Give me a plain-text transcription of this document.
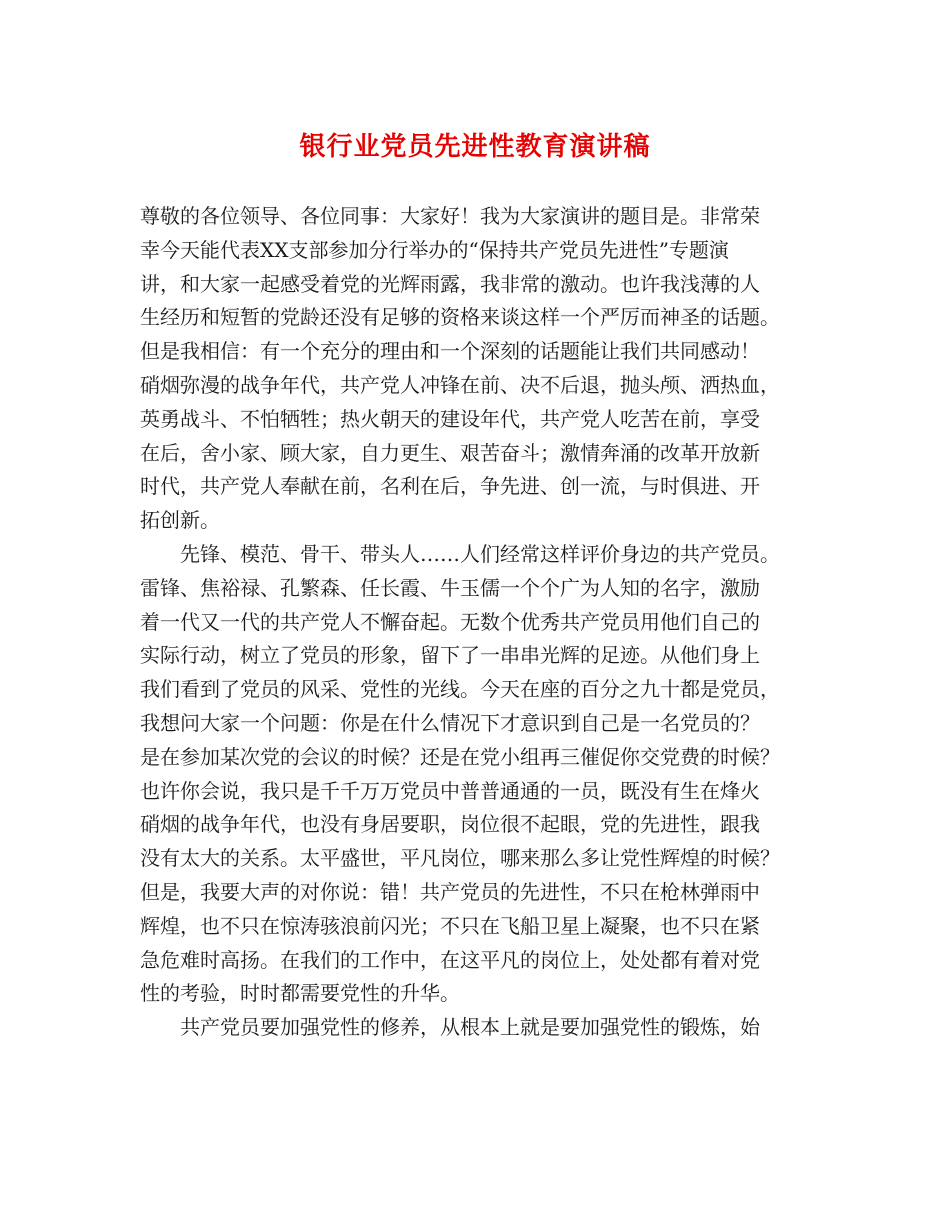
银行业党员先进性教育演讲稿
尊敬的各位领导、各位同事：大家好！我为大家演讲的题目是。非常荣
幸今天能代表XX支部参加分行举办的“保持共产党员先进性”专题演
讲，和大家一起感受着党的光辉雨露，我非常的激动。也许我浅薄的人
生经历和短暂的党龄还没有足够的资格来谈这样一个严厉而神圣的话题。
但是我相信：有一个充分的理由和一个深刻的话题能让我们共同感动！
硝烟弥漫的战争年代，共产党人冲锋在前、决不后退，抛头颅、洒热血，
英勇战斗、不怕牺牲；热火朝天的建设年代，共产党人吃苦在前，享受
在后，舍小家、顾大家，自力更生、艰苦奋斗；激情奔涌的改革开放新
时代，共产党人奉献在前，名利在后，争先进、创一流，与时俱进、开
拓创新。
先锋、模范、骨干、带头人……人们经常这样评价身边的共产党员。
雷锋、焦裕禄、孔繁森、任长霞、牛玉儒一个个广为人知的名字，激励
着一代又一代的共产党人不懈奋起。无数个优秀共产党员用他们自己的
实际行动，树立了党员的形象，留下了一串串光辉的足迹。从他们身上
我们看到了党员的风采、党性的光线。今天在座的百分之九十都是党员，
我想问大家一个问题：你是在什么情况下才意识到自己是一名党员的？
是在参加某次党的会议的时候？还是在党小组再三催促你交党费的时候？
也许你会说，我只是千千万万党员中普普通通的一员，既没有生在烽火
硝烟的战争年代，也没有身居要职，岗位很不起眼，党的先进性，跟我
没有太大的关系。太平盛世，平凡岗位，哪来那么多让党性辉煌的时候？
但是，我要大声的对你说：错！共产党员的先进性，不只在枪林弹雨中
辉煌，也不只在惊涛骇浪前闪光；不只在飞船卫星上凝聚，也不只在紧
急危难时高扬。在我们的工作中，在这平凡的岗位上，处处都有着对党
性的考验，时时都需要党性的升华。
共产党员要加强党性的修养，从根本上就是要加强党性的锻炼，始
